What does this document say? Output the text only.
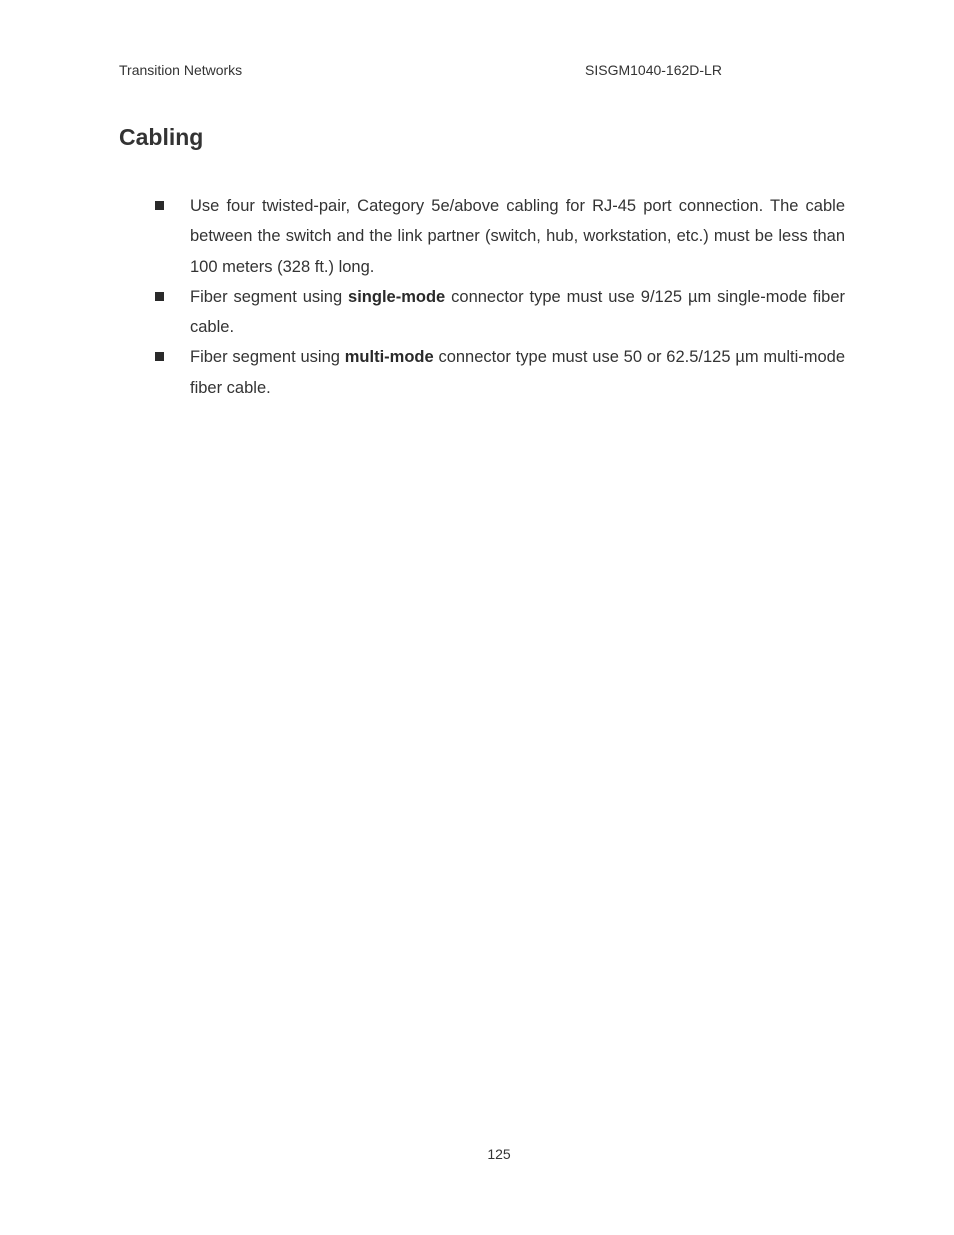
Transition Networks	SISGM1040-162D-LR
Cabling
Use four twisted-pair, Category 5e/above cabling for RJ-45 port connection. The cable between the switch and the link partner (switch, hub, workstation, etc.) must be less than 100 meters (328 ft.) long.
Fiber segment using single-mode connector type must use 9/125 µm single-mode fiber cable.
Fiber segment using multi-mode connector type must use 50 or 62.5/125 µm multi-mode fiber cable.
125
